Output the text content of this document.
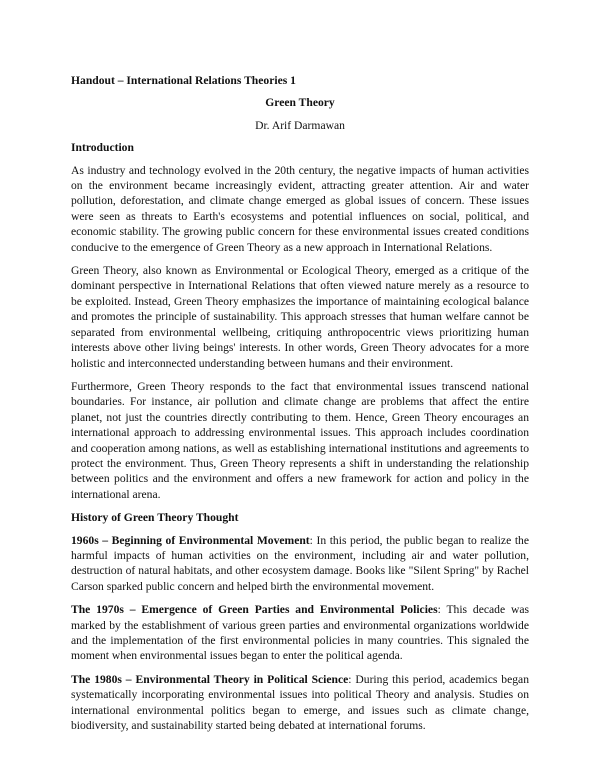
Handout – International Relations Theories 1
Green Theory
Dr. Arif Darmawan
Introduction

As industry and technology evolved in the 20th century, the negative impacts of human activities on the environment became increasingly evident, attracting greater attention. Air and water pollution, deforestation, and climate change emerged as global issues of concern. These issues were seen as threats to Earth's ecosystems and potential influences on social, political, and economic stability. The growing public concern for these environmental issues created conditions conducive to the emergence of Green Theory as a new approach in International Relations.

Green Theory, also known as Environmental or Ecological Theory, emerged as a critique of the dominant perspective in International Relations that often viewed nature merely as a resource to be exploited. Instead, Green Theory emphasizes the importance of maintaining ecological balance and promotes the principle of sustainability. This approach stresses that human welfare cannot be separated from environmental wellbeing, critiquing anthropocentric views prioritizing human interests above other living beings' interests. In other words, Green Theory advocates for a more holistic and interconnected understanding between humans and their environment.

Furthermore, Green Theory responds to the fact that environmental issues transcend national boundaries. For instance, air pollution and climate change are problems that affect the entire planet, not just the countries directly contributing to them. Hence, Green Theory encourages an international approach to addressing environmental issues. This approach includes coordination and cooperation among nations, as well as establishing international institutions and agreements to protect the environment. Thus, Green Theory represents a shift in understanding the relationship between politics and the environment and offers a new framework for action and policy in the international arena.

History of Green Theory Thought

1960s – Beginning of Environmental Movement: In this period, the public began to realize the harmful impacts of human activities on the environment, including air and water pollution, destruction of natural habitats, and other ecosystem damage. Books like "Silent Spring" by Rachel Carson sparked public concern and helped birth the environmental movement.

The 1970s – Emergence of Green Parties and Environmental Policies: This decade was marked by the establishment of various green parties and environmental organizations worldwide and the implementation of the first environmental policies in many countries. This signaled the moment when environmental issues began to enter the political agenda.

The 1980s – Environmental Theory in Political Science: During this period, academics began systematically incorporating environmental issues into political Theory and analysis. Studies on international environmental politics began to emerge, and issues such as climate change, biodiversity, and sustainability started being debated at international forums.
